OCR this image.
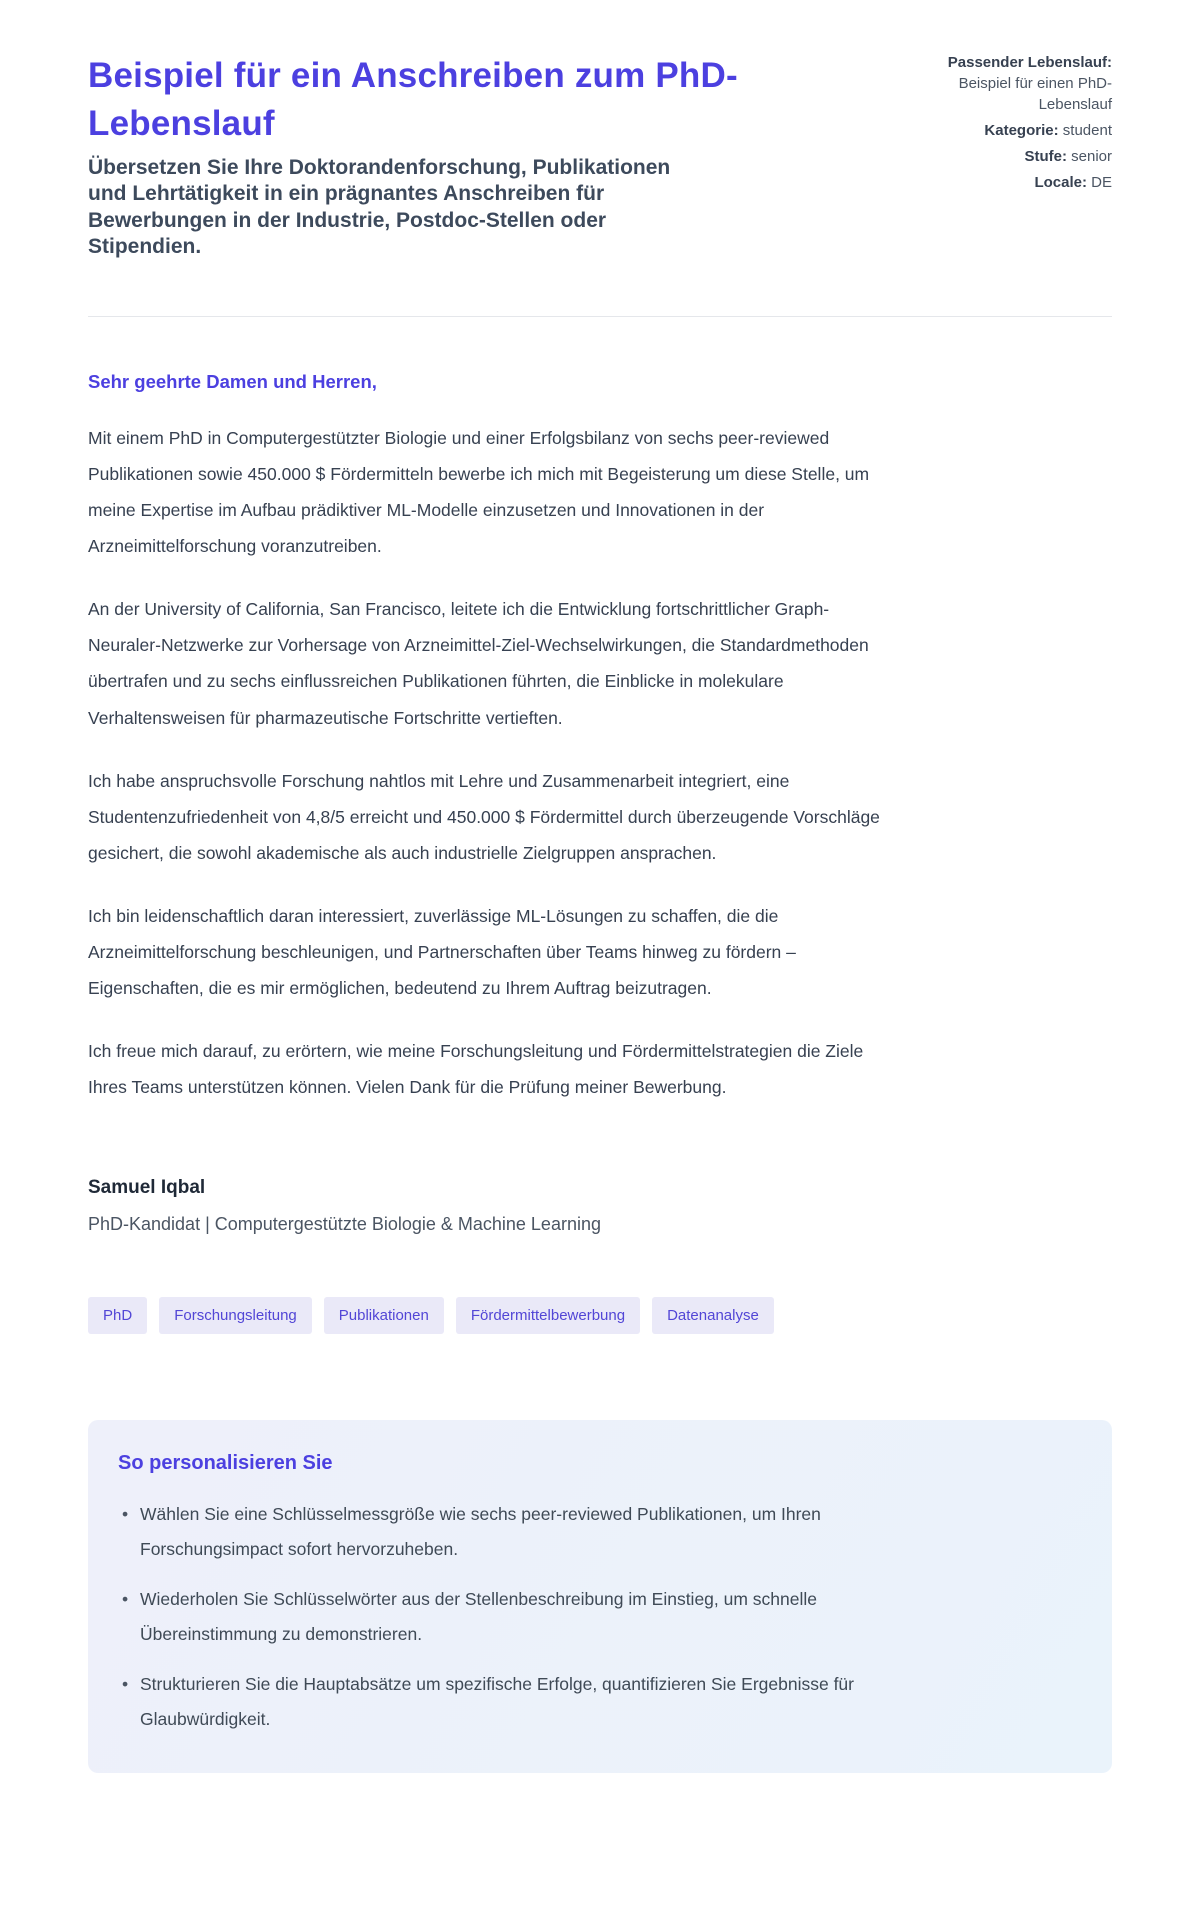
Beispiel für ein Anschreiben zum PhD-Lebenslauf

Übersetzen Sie Ihre Doktorandenforschung, Publikationen und Lehrtätigkeit in ein prägnantes Anschreiben für Bewerbungen in der Industrie, Postdoc-Stellen oder Stipendien.

Passender Lebenslauf: Beispiel für einen PhD-Lebenslauf
Kategorie: student
Stufe: senior
Locale: DE

Sehr geehrte Damen und Herren,

Mit einem PhD in Computergestützter Biologie und einer Erfolgsbilanz von sechs peer-reviewed Publikationen sowie 450.000 $ Fördermitteln bewerbe ich mich mit Begeisterung um diese Stelle, um meine Expertise im Aufbau prädiktiver ML-Modelle einzusetzen und Innovationen in der Arzneimittelforschung voranzutreiben.

An der University of California, San Francisco, leitete ich die Entwicklung fortschrittlicher Graph-Neuraler-Netzwerke zur Vorhersage von Arzneimittel-Ziel-Wechselwirkungen, die Standardmethoden übertrafen und zu sechs einflussreichen Publikationen führten, die Einblicke in molekulare Verhaltensweisen für pharmazeutische Fortschritte vertieften.

Ich habe anspruchsvolle Forschung nahtlos mit Lehre und Zusammenarbeit integriert, eine Studentenzufriedenheit von 4,8/5 erreicht und 450.000 $ Fördermittel durch überzeugende Vorschläge gesichert, die sowohl akademische als auch industrielle Zielgruppen ansprachen.

Ich bin leidenschaftlich daran interessiert, zuverlässige ML-Lösungen zu schaffen, die die Arzneimittelforschung beschleunigen, und Partnerschaften über Teams hinweg zu fördern – Eigenschaften, die es mir ermöglichen, bedeutend zu Ihrem Auftrag beizutragen.

Ich freue mich darauf, zu erörtern, wie meine Forschungsleitung und Fördermittelstrategien die Ziele Ihres Teams unterstützen können. Vielen Dank für die Prüfung meiner Bewerbung.

Samuel Iqbal

PhD-Kandidat | Computergestützte Biologie & Machine Learning

PhD	Forschungsleitung	Publikationen	Fördermittelbewerbung	Datenanalyse
So personalisieren Sie
• Wählen Sie eine Schlüsselmessgröße wie sechs peer-reviewed Publikationen, um Ihren Forschungsimpact sofort hervorzuheben.
• Wiederholen Sie Schlüsselwörter aus der Stellenbeschreibung im Einstieg, um schnelle Übereinstimmung zu demonstrieren.
• Strukturieren Sie die Hauptabsätze um spezifische Erfolge, quantifizieren Sie Ergebnisse für Glaubwürdigkeit.
